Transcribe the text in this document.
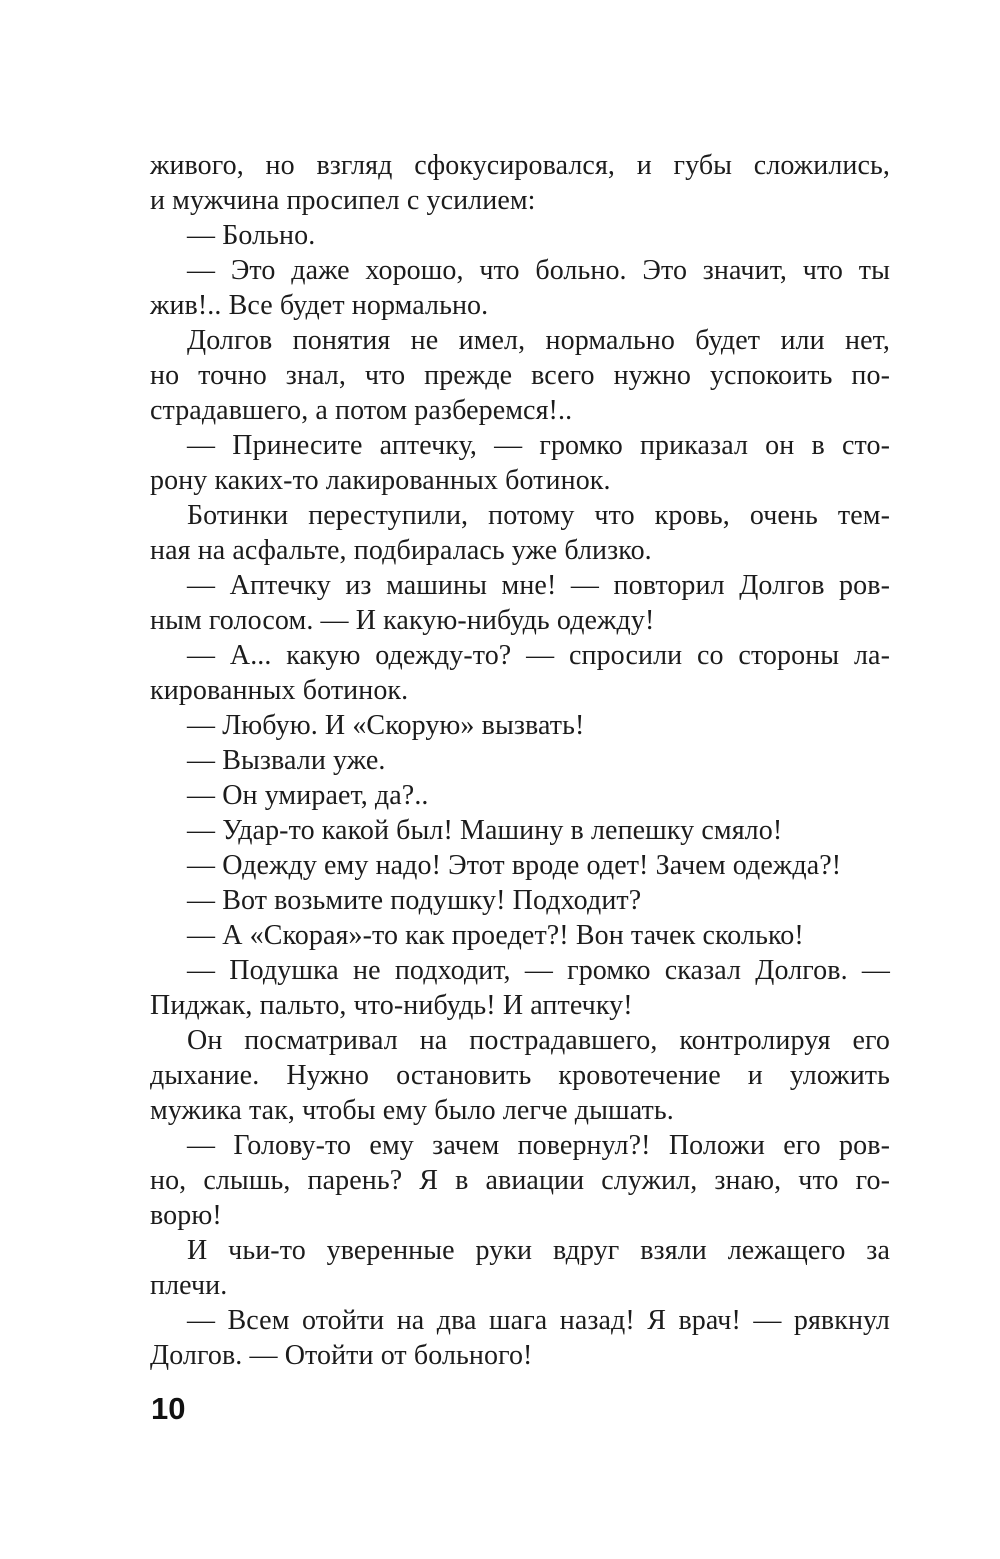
живого, но взгляд сфокусировался, и губы сложились,
и мужчина просипел с усилием:
— Больно.
— Это даже хорошо, что больно. Это значит, что ты
жив!.. Все будет нормально.
Долгов понятия не имел, нормально будет или нет,
но точно знал, что прежде всего нужно успокоить по-
страдавшего, а потом разберемся!..
— Принесите аптечку, — громко приказал он в сто-
рону каких-то лакированных ботинок.
Ботинки переступили, потому что кровь, очень тем-
ная на асфальте, подбиралась уже близко.
— Аптечку из машины мне! — повторил Долгов ров-
ным голосом. — И какую-нибудь одежду!
— А... какую одежду-то? — спросили со стороны ла-
кированных ботинок.
— Любую. И «Скорую» вызвать!
— Вызвали уже.
— Он умирает, да?..
— Удар-то какой был! Машину в лепешку смяло!
— Одежду ему надо! Этот вроде одет! Зачем одежда?!
— Вот возьмите подушку! Подходит?
— А «Скорая»-то как проедет?! Вон тачек сколько!
— Подушка не подходит, — громко сказал Долгов. —
Пиджак, пальто, что-нибудь! И аптечку!
Он посматривал на пострадавшего, контролируя его
дыхание. Нужно остановить кровотечение и уложить
мужика так, чтобы ему было легче дышать.
— Голову-то ему зачем повернул?! Положи его ров-
но, слышь, парень? Я в авиации служил, знаю, что го-
ворю!
И чьи-то уверенные руки вдруг взяли лежащего за
плечи.
— Всем отойти на два шага назад! Я врач! — рявкнул
Долгов. — Отойти от больного!
10
